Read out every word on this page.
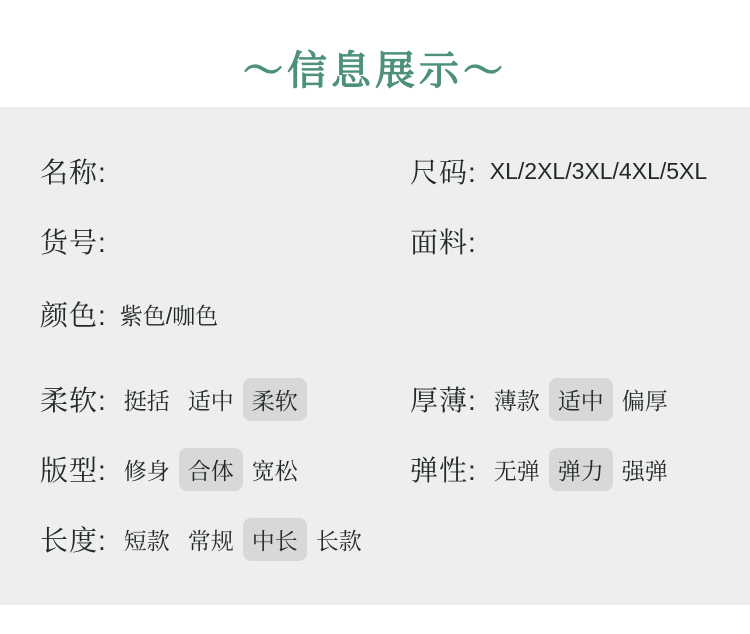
～信息展示～
名称:	尺码: XL/2XL/3XL/4XL/5XL
货号:	面料:
颜色: 紫色/咖色
柔软: 挺括 适中 柔软	厚薄: 薄款 适中 偏厚
版型: 修身 合体 宽松	弹性: 无弹 弹力 强弹
长度: 短款 常规 中长 长款
